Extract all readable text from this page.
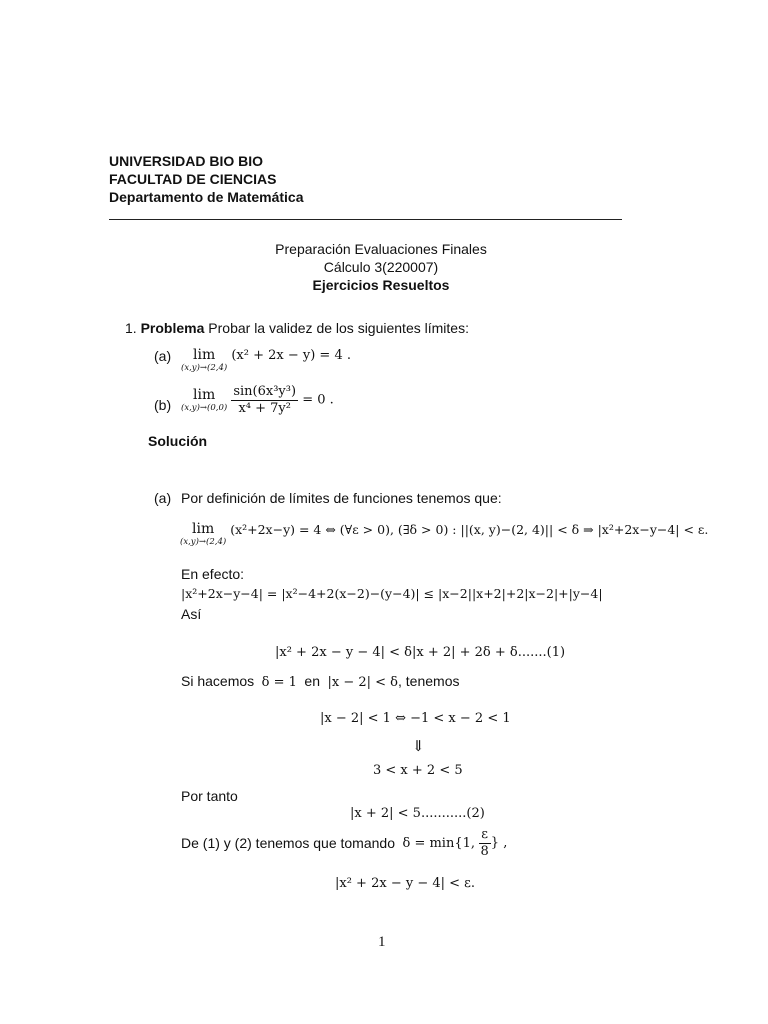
UNIVERSIDAD BIO BIO
FACULTAD DE CIENCIAS
Departamento de Matemática
Preparación Evaluaciones Finales
Cálculo 3(220007)
Ejercicios Resueltos
1. Problema Probar la validez de los siguientes límites:
(a)	lim
(x,y)→(2,4)
(x² + 2x − y) = 4 .
(b)
lim
(x,y)→(0,0)
$\frac{\text{sin(6x³y³)}}{\text{x⁴ + 7y²}} = 0$ .
Solución
(a) Por definición de límites de funciones tenemos que:
lim
(x,y)→(2,4)
(x²+2x−y) = 4 ⇔ (∀ε > 0), (∃δ > 0) : ||(x, y)−(2, 4)|| < δ ⇒ |x²+2x−y−4| < ε.
En efecto:
|x²+2x−y−4| = |x²−4+2(x−2)−(y−4)| ≤ |x−2||x+2|+2|x−2|+|y−4|
Así
|x² + 2x − y − 4| < δ|x + 2| + 2δ + δ.......(1)
Si hacemos δ = 1 en |x − 2| < δ, tenemos
|x − 2| < 1 ⇔ −1 < x − 2 < 1
⇓
3 < x + 2 < 5
Por tanto
|x + 2| < 5...........(2)
De (1) y (2) tenemos que tomando δ = min{1, $\frac{\varepsilon}{8}$ } ,
|x² + 2x − y − 4| < ε.
1
